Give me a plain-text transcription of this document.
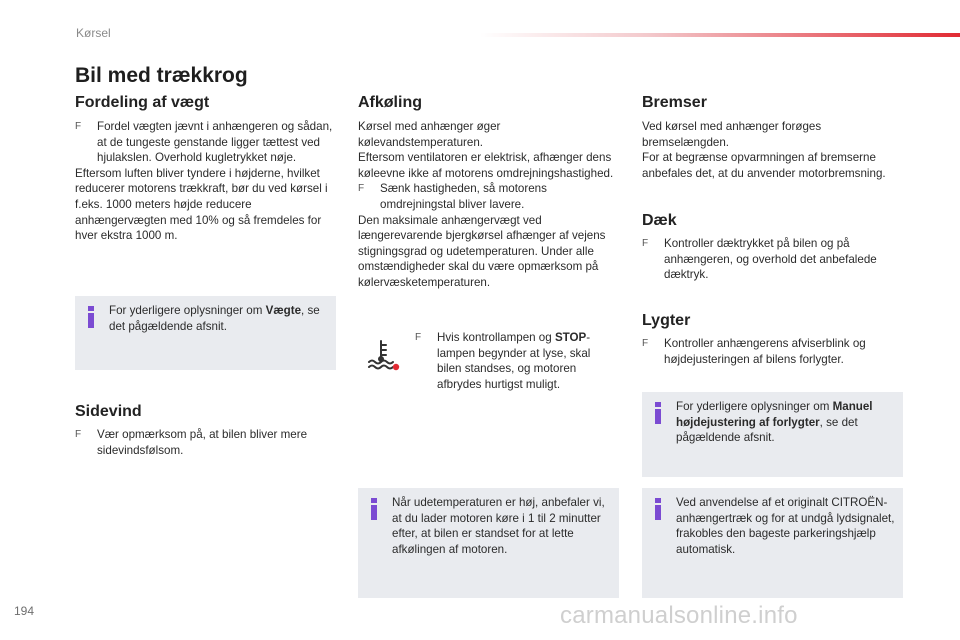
Kørsel
Bil med trækkrog
Fordeling af vægt
F	Fordel vægten jævnt i anhængeren og sådan, at de tungeste genstande ligger tættest ved hjulakslen. Overhold kugletrykket nøje.
Eftersom luften bliver tyndere i højderne, hvilket reducerer motorens trækkraft, bør du ved kørsel i f.eks. 1000 meters højde reducere anhængervægten med 10% og så fremdeles for hver ekstra 1000 m.
For yderligere oplysninger om Vægte, se det pågældende afsnit.
Sidevind
F	Vær opmærksom på, at bilen bliver mere sidevindsfølsom.
Afkøling
Kørsel med anhænger øger kølevandstemperaturen.
Eftersom ventilatoren er elektrisk, afhænger dens køleevne ikke af motorens omdrejningshastighed.
F	Sænk hastigheden, så motorens omdrejningstal bliver lavere.
Den maksimale anhængervægt ved længerevarende bjergkørsel afhænger af vejens stigningsgrad og udetemperaturen. Under alle omstændigheder skal du være opmærksom på kølervæsketemperaturen.
F	Hvis kontrollampen og STOP-lampen begynder at lyse, skal bilen standses, og motoren afbrydes hurtigst muligt.
Når udetemperaturen er høj, anbefaler vi, at du lader motoren køre i 1 til 2 minutter efter, at bilen er standset for at lette afkølingen af motoren.
Bremser
Ved kørsel med anhænger forøges bremselængden.
For at begrænse opvarmningen af bremserne anbefales det, at du anvender motorbremsning.
Dæk
F	Kontroller dæktrykket på bilen og på anhængeren, og overhold det anbefalede dæktryk.
Lygter
F	Kontroller anhængerens afviserblink og højdejusteringen af bilens forlygter.
For yderligere oplysninger om Manuel højdejustering af forlygter, se det pågældende afsnit.
Ved anvendelse af et originalt CITROËN-anhængertræk og for at undgå lydsignalet, frakobles den bageste parkeringshjælp automatisk.
194	carmanualsonline.info
